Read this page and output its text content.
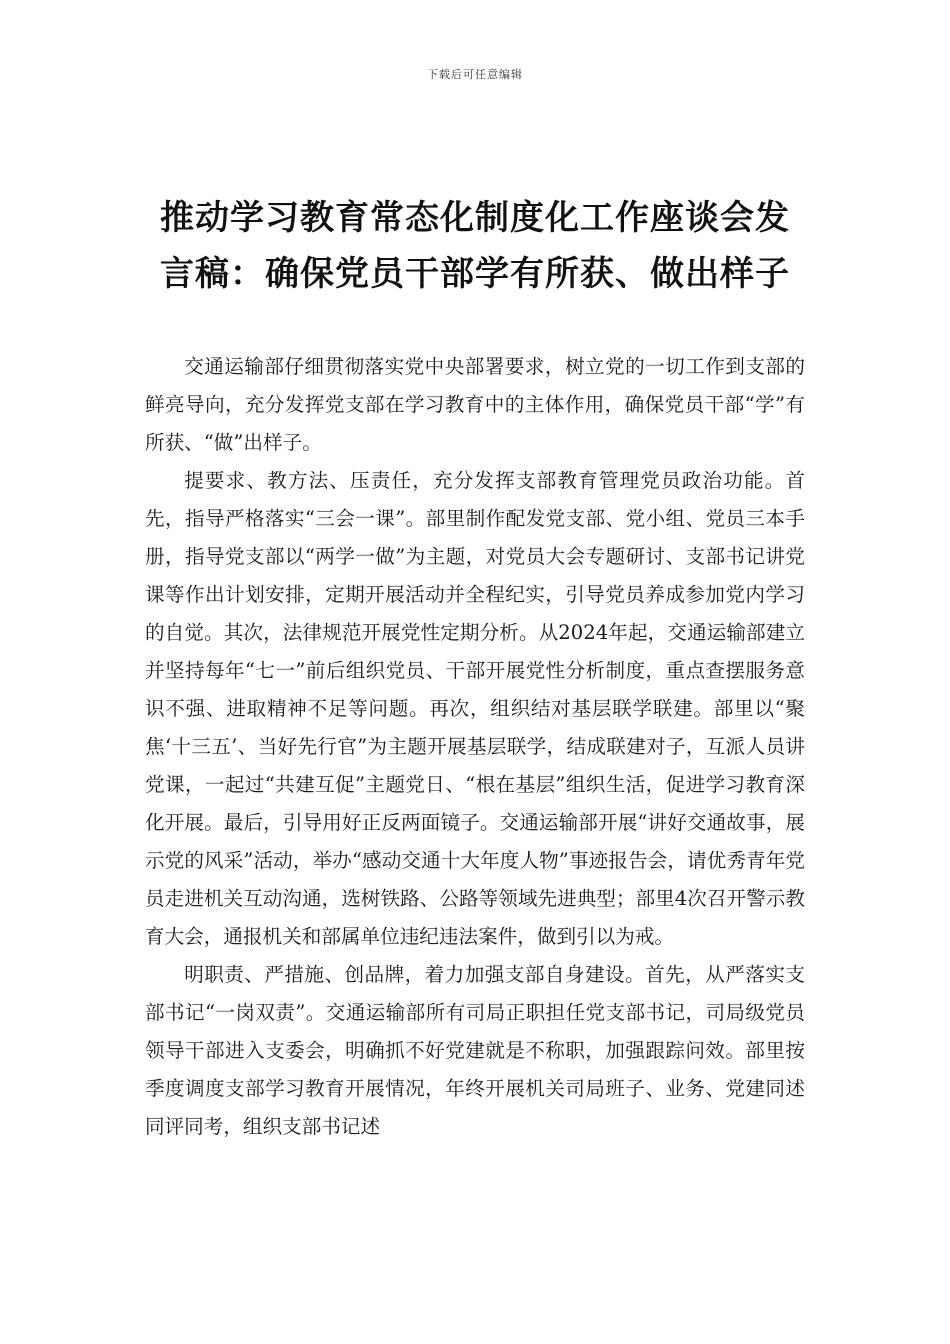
下载后可任意编辑
推动学习教育常态化制度化工作座谈会发言稿：确保党员干部学有所获、做出样子

交通运输部仔细贯彻落实党中央部署要求，树立党的一切工作到支部的鲜亮导向，充分发挥党支部在学习教育中的主体作用，确保党员干部“学”有所获、“做”出样子。

提要求、教方法、压责任，充分发挥支部教育管理党员政治功能。首先，指导严格落实“三会一课”。部里制作配发党支部、党小组、党员三本手册，指导党支部以“两学一做”为主题，对党员大会专题研讨、支部书记讲党课等作出计划安排，定期开展活动并全程纪实，引导党员养成参加党内学习的自觉。其次，法律规范开展党性定期分析。从2024年起，交通运输部建立并坚持每年“七一”前后组织党员、干部开展党性分析制度，重点查摆服务意识不强、进取精神不足等问题。再次，组织结对基层联学联建。部里以“聚焦‘十三五’、当好先行官”为主题开展基层联学，结成联建对子，互派人员讲党课，一起过“共建互促”主题党日、“根在基层”组织生活，促进学习教育深化开展。最后，引导用好正反两面镜子。交通运输部开展“讲好交通故事，展示党的风采”活动，举办“感动交通十大年度人物”事迹报告会，请优秀青年党员走进机关互动沟通，选树铁路、公路等领域先进典型；部里4次召开警示教育大会，通报机关和部属单位违纪违法案件，做到引以为戒。

明职责、严措施、创品牌，着力加强支部自身建设。首先，从严落实支部书记“一岗双责”。交通运输部所有司局正职担任党支部书记，司局级党员领导干部进入支委会，明确抓不好党建就是不称职，加强跟踪问效。部里按季度调度支部学习教育开展情况，年终开展机关司局班子、业务、党建同述同评同考，组织支部书记述
